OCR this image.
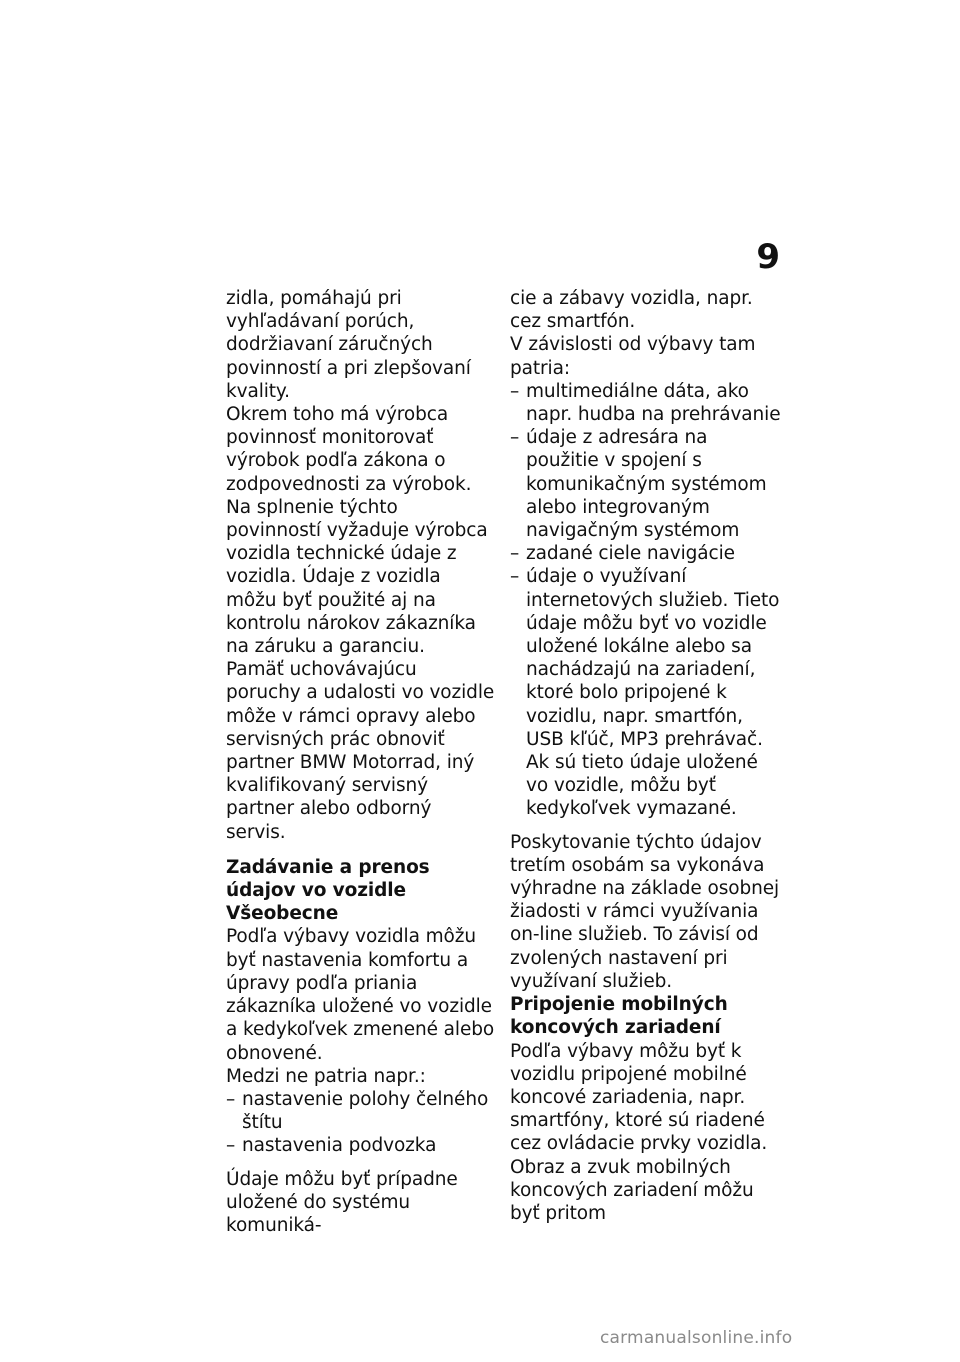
9

zidla, pomáhajú pri vyhľadávaní porúch, dodržiavaní záručných povinností a pri zlepšovaní kvality.

Okrem toho má výrobca povinnosť monitorovať výrobok podľa zákona o zodpovednosti za výrobok. Na splnenie týchto povinností vyžaduje výrobca vozidla technické údaje z vozidla. Údaje z vozidla môžu byť použité aj na kontrolu nárokov zákazníka na záruku a garanciu.

Pamäť uchovávajúcu poruchy a udalosti vo vozidle môže v rámci opravy alebo servisných prác obnoviť partner BMW Motorrad, iný kvalifikovaný servisný partner alebo odborný servis.

Zadávanie a prenos údajov vo vozidle

Všeobecne

Podľa výbavy vozidla môžu byť nastavenia komfortu a úpravy podľa priania zákazníka uložené vo vozidle a kedykoľvek zmenené alebo obnovené.

Medzi ne patria napr.:

– nastavenie polohy čelného štítu
– nastavenia podvozka

Údaje môžu byť prípadne uložené do systému komuniká-

cie a zábavy vozidla, napr. cez smartfón.

V závislosti od výbavy tam patria:

– multimediálne dáta, ako napr. hudba na prehrávanie
– údaje z adresára na použitie v spojení s komunikačným systémom alebo integrovaným navigačným systémom
– zadané ciele navigácie
– údaje o využívaní internetových služieb. Tieto údaje môžu byť vo vozidle uložené lokálne alebo sa nachádzajú na zariadení, ktoré bolo pripojené k vozidlu, napr. smartfón, USB kľúč, MP3 prehrávač. Ak sú tieto údaje uložené vo vozidle, môžu byť kedykoľvek vymazané.

Poskytovanie týchto údajov tretím osobám sa vykonáva výhradne na základe osobnej žiadosti v rámci využívania on-line služieb. To závisí od zvolených nastavení pri využívaní služieb.

Pripojenie mobilných koncových zariadení

Podľa výbavy môžu byť k vozidlu pripojené mobilné koncové zariadenia, napr. smartfóny, ktoré sú riadené cez ovládacie prvky vozidla.

Obraz a zvuk mobilných koncových zariadení môžu byť pritom

carmanualsonline.info
